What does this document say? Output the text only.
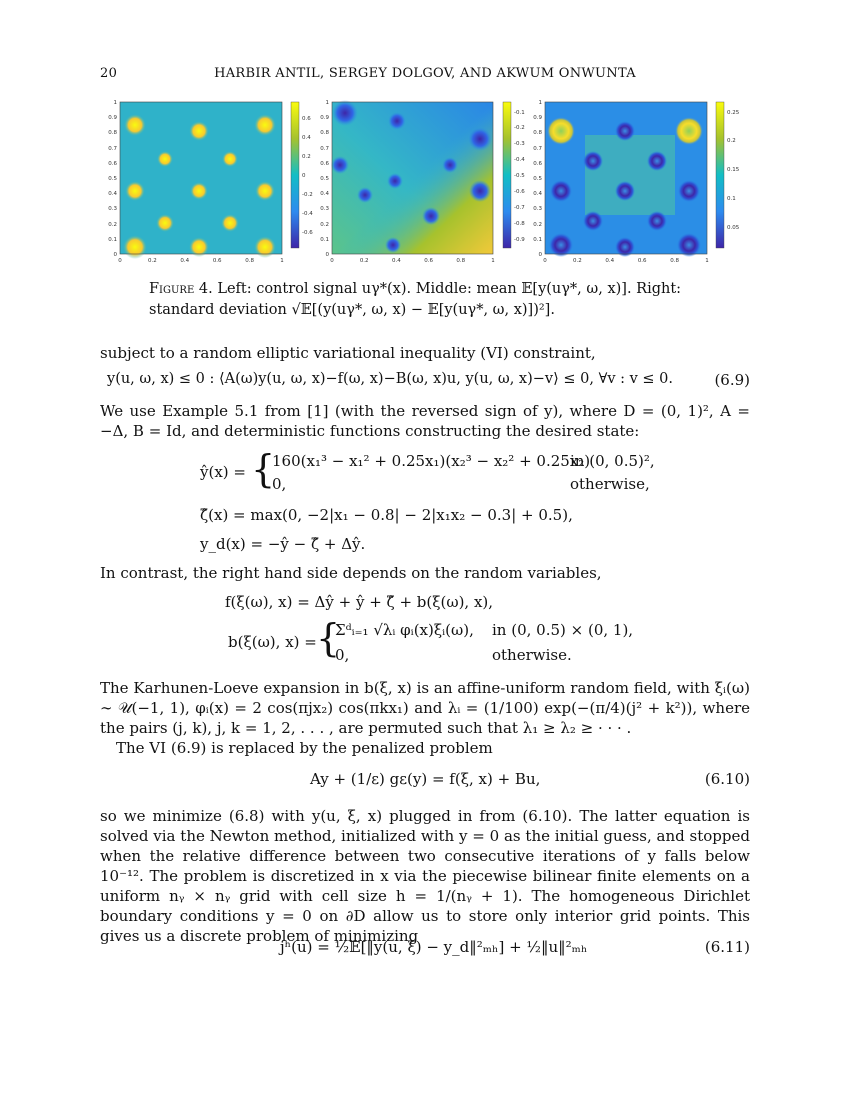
20	HARBIR ANTIL, SERGEY DOLGOV, AND AKWUM ONWUNTA
0	0.2	0.4	0.6	0.8	1
0
0.1
0.2
0.3
0.4
0.5
0.6
0.7
0.8
0.9
1
0.6
0.4
0.2
0
-0.2
-0.4
-0.6
0	0.2	0.4	0.6	0.8	1
0
0.1
0.2
0.3
0.4
0.5
0.6
0.7
0.8
0.9
1
-0.1
-0.2
-0.3
-0.4
-0.5
-0.6
-0.7
-0.8
-0.9
0	0.2	0.4	0.6	0.8	1
0
0.1
0.2
0.3
0.4
0.5
0.6
0.7
0.8
0.9
1
0.25
0.2
0.15
0.1
0.05
Figure 4. Left: control signal uγ*(x). Middle: mean 𝔼[y(uγ*, ω, x)]. Right:
standard deviation √𝔼[(y(uγ*, ω, x) − 𝔼[y(uγ*, ω, x)])²].
subject to a random elliptic variational inequality (VI) constraint,
y(u, ω, x) ≤ 0 : ⟨A(ω)y(u, ω, x)−f(ω, x)−B(ω, x)u, y(u, ω, x)−v⟩ ≤ 0, ∀v : v ≤ 0.	(6.9)
We use Example 5.1 from [1] (with the reversed sign of y), where D = (0, 1)², A = −Δ, B = Id, and deterministic functions constructing the desired state:
ŷ(x) = {
160(x₁³ − x₁² + 0.25x₁)(x₂³ − x₂² + 0.25x₂)
in (0, 0.5)²,
0,	otherwise,
ζ̂(x) = max(0, −2|x₁ − 0.8| − 2|x₁x₂ − 0.3| + 0.5),
y_d(x) = −ŷ − ζ̂ + Δŷ.
In contrast, the right hand side depends on the random variables,
f(ξ(ω), x) = Δŷ + ŷ + ζ̂ + b(ξ(ω), x),
b(ξ(ω), x) = {
Σᵈᵢ₌₁ √λᵢ φᵢ(x)ξᵢ(ω), in (0, 0.5) × (0, 1),
0,	otherwise.
The Karhunen-Loeve expansion in b(ξ, x) is an affine-uniform random field, with ξᵢ(ω) ∼ 𝒰(−1, 1), φᵢ(x) = 2 cos(πjx₂) cos(πkx₁) and λᵢ = (1/100) exp(−(π/4)(j² + k²)), where the pairs (j, k), j, k = 1, 2, . . . , are permuted such that λ₁ ≥ λ₂ ≥ · · · .
The VI (6.9) is replaced by the penalized problem
Ay + (1/ε) gε(y) = f(ξ, x) + Bu,	(6.10)
so we minimize (6.8) with y(u, ξ, x) plugged in from (6.10). The latter equation is solved via the Newton method, initialized with y = 0 as the initial guess, and stopped when the relative difference between two consecutive iterations of y falls below 10⁻¹². The problem is discretized in x via the piecewise bilinear finite elements on a uniform nᵧ × nᵧ grid with cell size h = 1/(nᵧ + 1). The homogeneous Dirichlet boundary conditions y = 0 on ∂D allow us to store only interior grid points. This gives us a discrete problem of minimizing
jʰ(u) = ½𝔼[‖y(u, ξ) − y_d‖²ₘₕ] + ½‖u‖²ₘₕ	(6.11)
